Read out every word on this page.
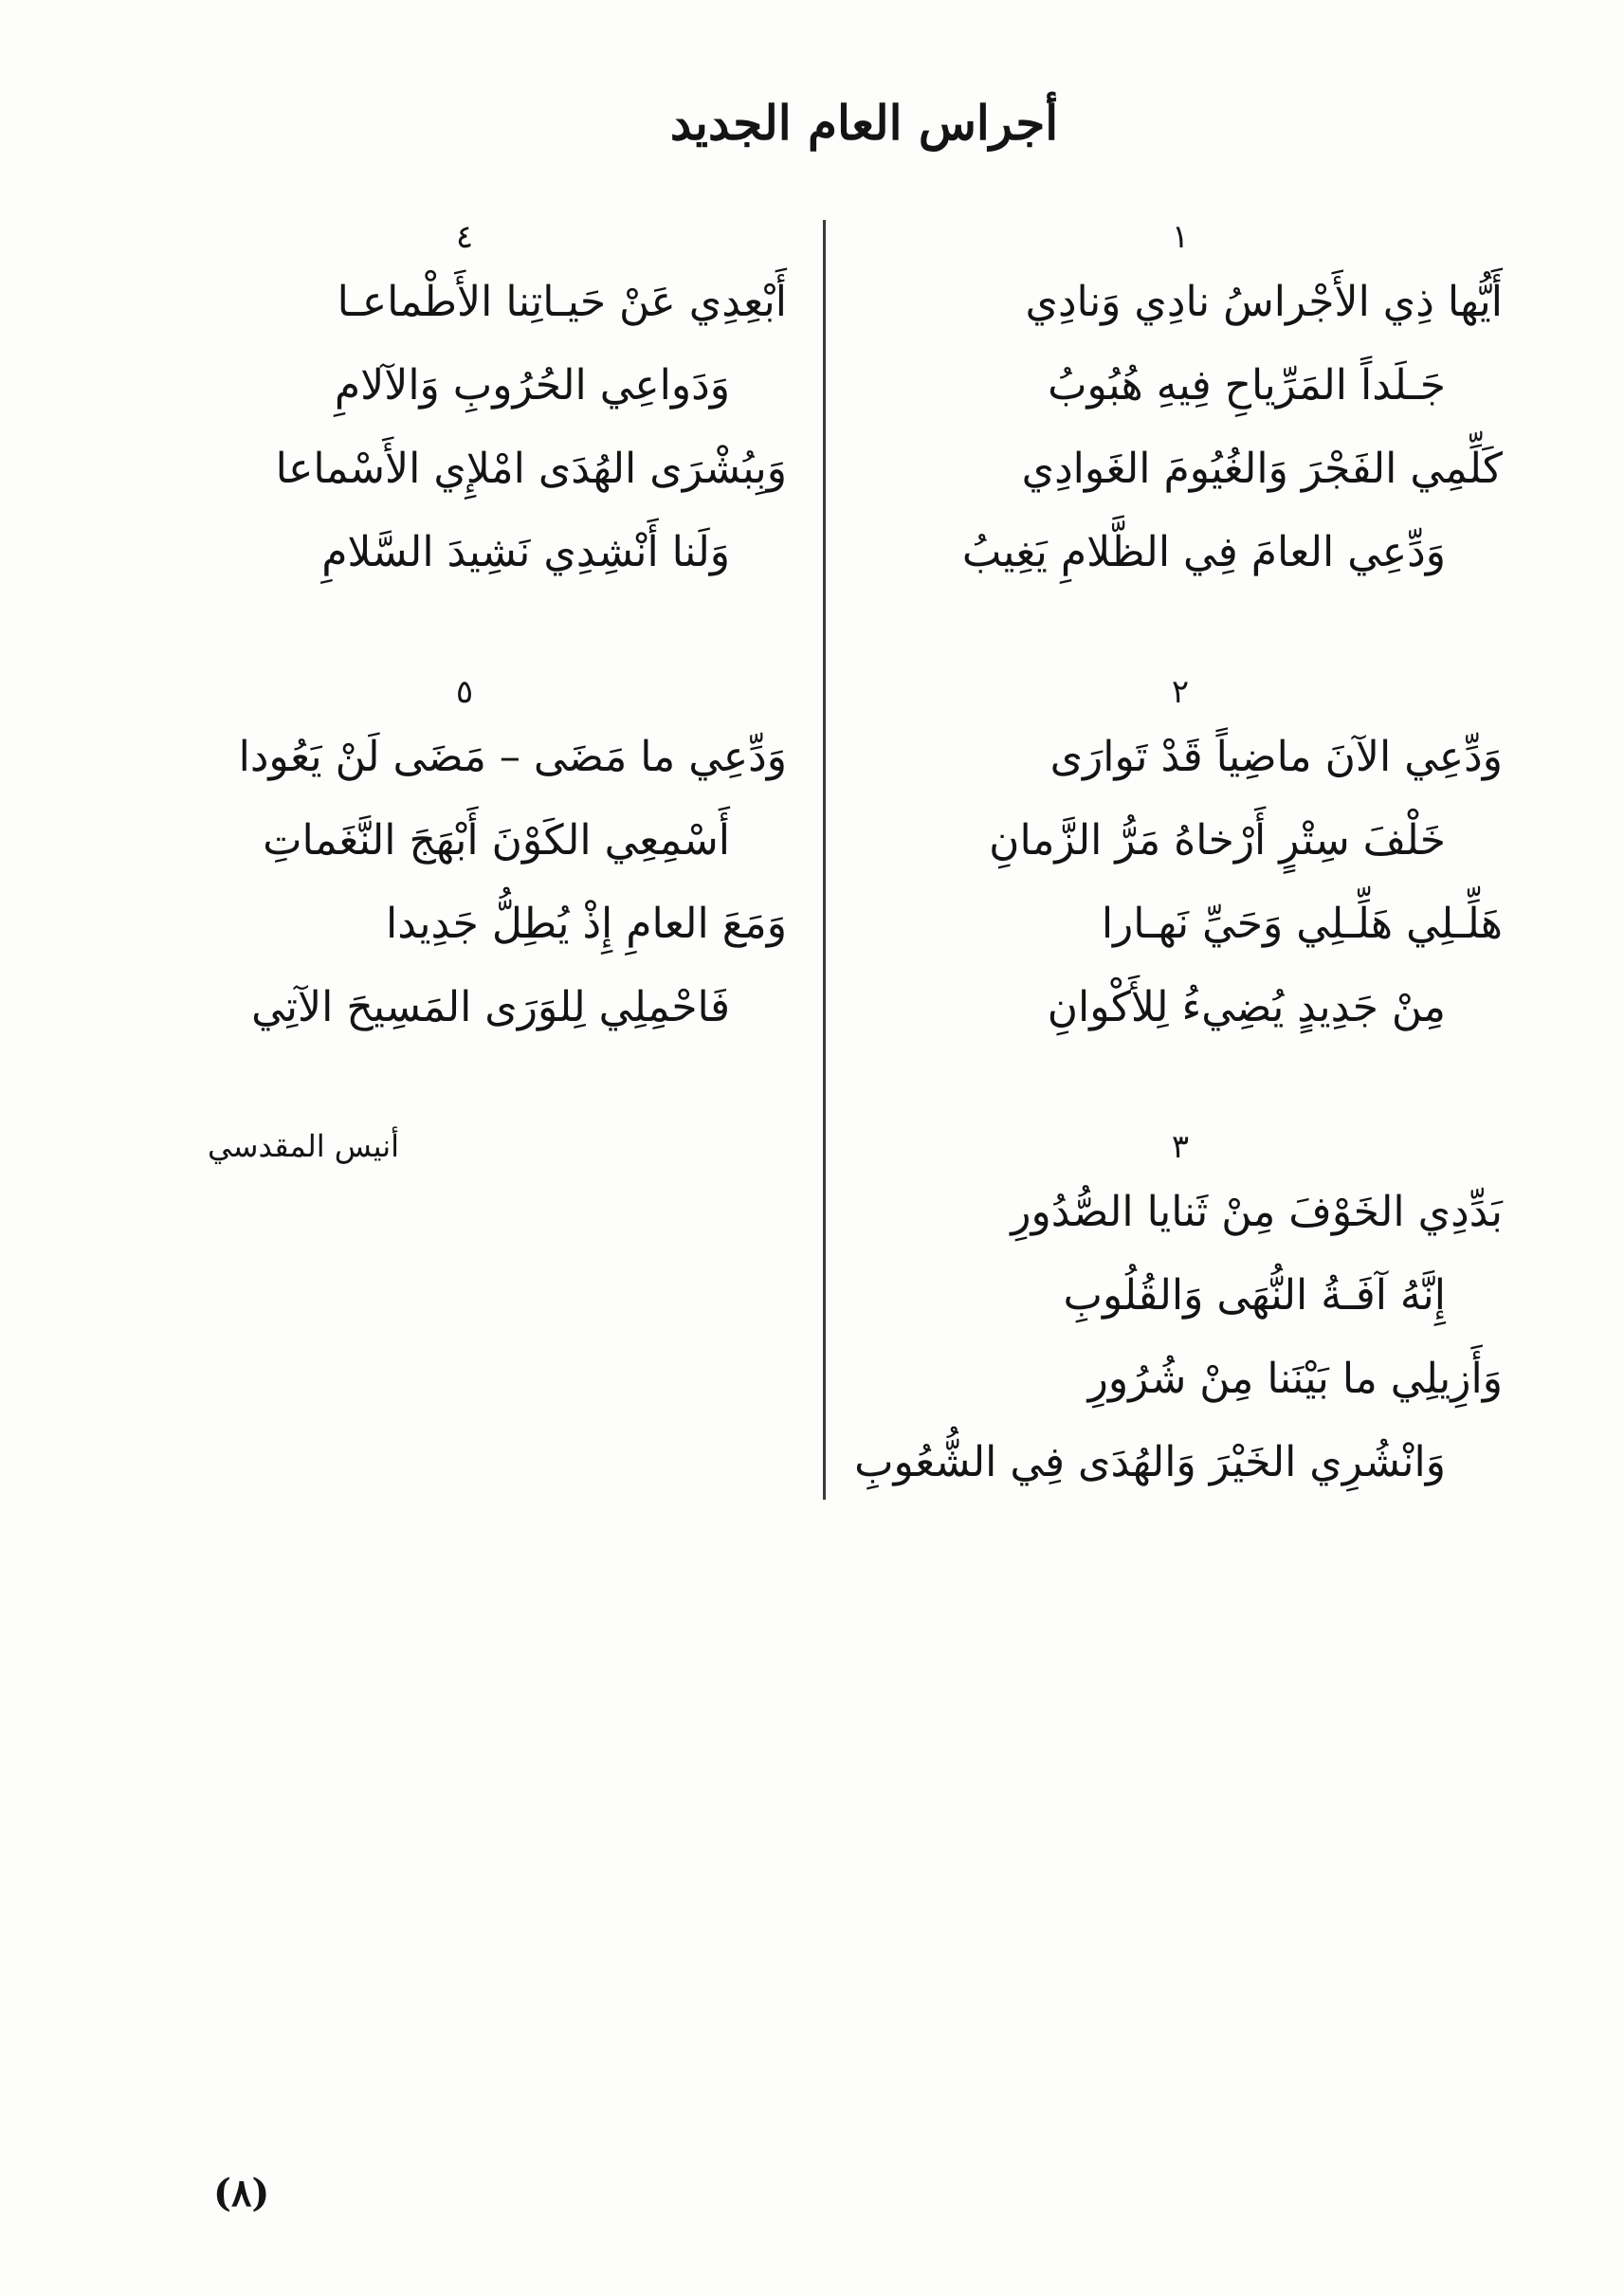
أجراس العام الجديد
١
أَيُّها ذِي الأَجْراسُ نادِي وَنادِي
جَـلَداً المَرِّياحِ فِيهِ هُبُوبُ
كَلِّمِي الفَجْرَ وَالغُيُومَ الغَوادِي
وَدِّعِي العامَ فِي الظَّلامِ يَغِيبُ
٢
وَدِّعِي الآنَ ماضِياً قَدْ تَوارَى
خَلْفَ سِتْرٍ أَرْخاهُ مَرُّ الزَّمانِ
هَلِّـلِي هَلِّـلِي وَحَيِّ نَهـارا
مِنْ جَدِيدٍ يُضِيءُ لِلأَكْوانِ
٣
بَدِّدِي الخَوْفَ مِنْ ثَنايا الصُّدُورِ
إِنَّهُ آفَـةُ النُّهَى وَالقُلُوبِ
وَأَزِيلِي ما بَيْنَنا مِنْ شُرُورِ
وَانْشُرِي الخَيْرَ وَالهُدَى فِي الشُّعُوبِ
٤
أَبْعِدِي عَنْ حَيـاتِنا الأَطْماعـا
وَدَواعِي الحُرُوبِ وَالآلامِ
وَبِبُشْرَى الهُدَى امْلإِي الأَسْماعا
وَلَنا أَنْشِدِي نَشِيدَ السَّلامِ
٥
وَدِّعِي ما مَضَى – مَضَى لَنْ يَعُودا
أَسْمِعِي الكَوْنَ أَبْهَجَ النَّغَماتِ
وَمَعَ العامِ إِذْ يُطِلُّ جَدِيدا
فَاحْمِلِي لِلوَرَى المَسِيحَ الآتِي
أنيس المقدسي
(٨)
